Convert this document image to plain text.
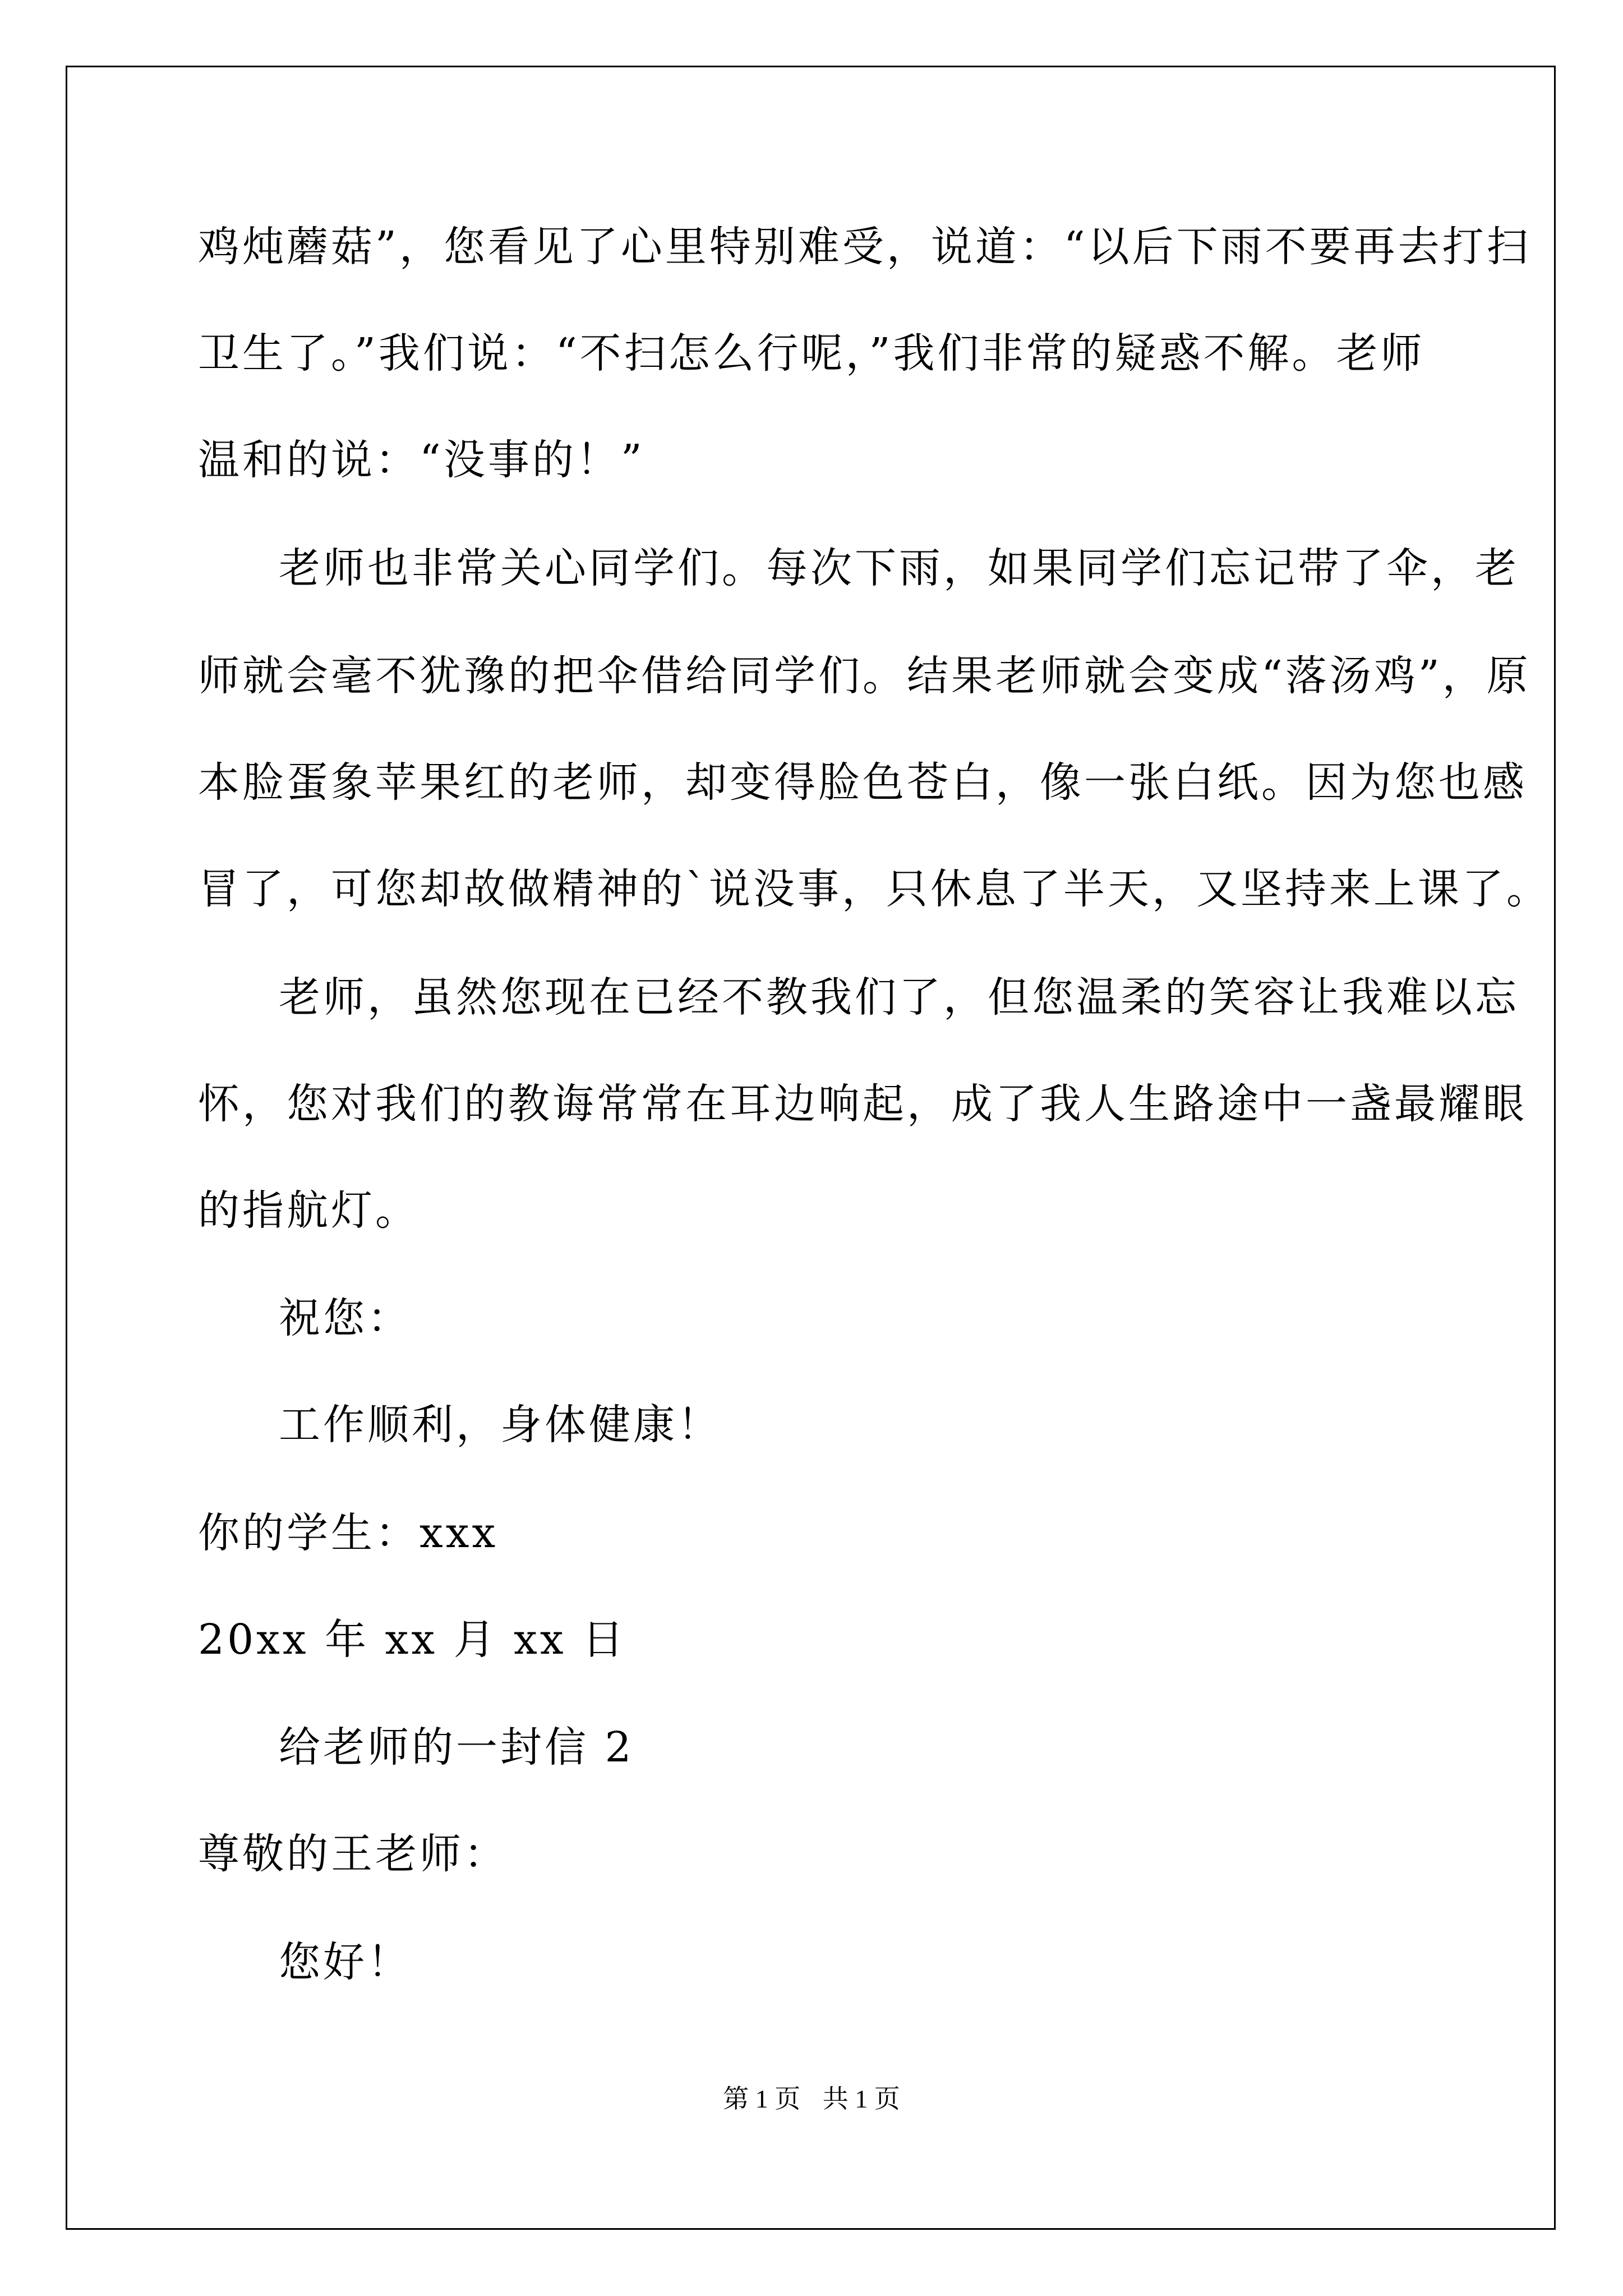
鸡炖蘑菇”，您看见了心里特别难受，说道：“以后下雨不要再去打扫
卫生了。”我们说：“不扫怎么行呢，”我们非常的疑惑不解。老师
温和的说：“没事的！”
老师也非常关心同学们。每次下雨，如果同学们忘记带了伞，老
师就会毫不犹豫的把伞借给同学们。结果老师就会变成“落汤鸡”，原
本脸蛋象苹果红的老师，却变得脸色苍白，像一张白纸。因为您也感
冒了，可您却故做精神的`说没事，只休息了半天，又坚持来上课了。
老师，虽然您现在已经不教我们了，但您温柔的笑容让我难以忘
怀，您对我们的教诲常常在耳边响起，成了我人生路途中一盏最耀眼
的指航灯。
祝您：
工作顺利，身体健康！
你的学生：xxx
20xx 年 xx 月 xx 日
给老师的一封信 2
尊敬的王老师：
您好！
第 1 页 共 1 页
